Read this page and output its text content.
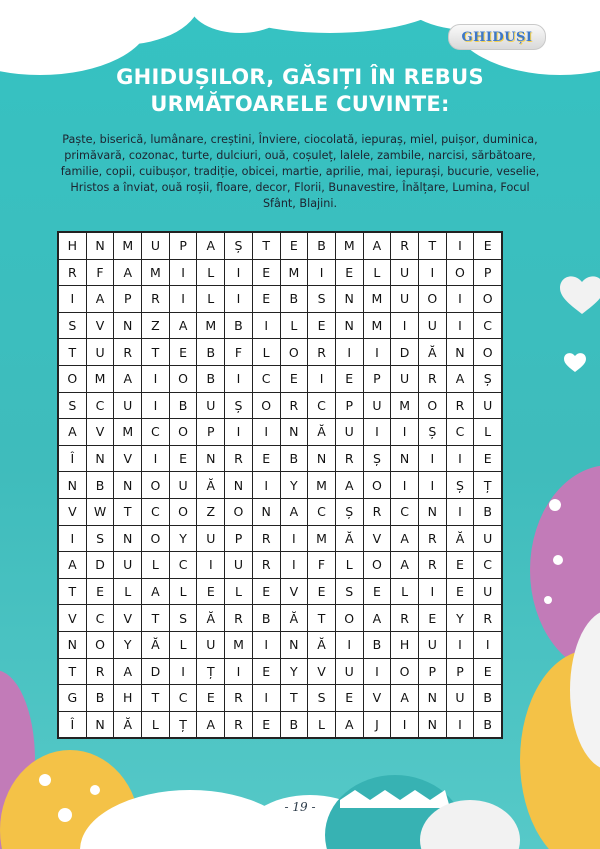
GHIDUȘI
GHIDUȘILOR, GĂSIȚI ÎN REBUS
URMĂTOARELE CUVINTE:

Paște, biserică, lumânare, creștini, Înviere, ciocolată, iepuraș, miel, puișor, duminica, primăvară, cozonac, turte, dulciuri, ouă, coșuleț, lalele, zambile, narcisi, sărbătoare, familie, copii, cuibușor, tradiție, obicei, martie, aprilie, mai, iepurași, bucurie, veselie, Hristos a înviat, ouă roșii, floare, decor, Florii, Bunavestire, Înălțare, Lumina, Focul Sfânt, Blajini.

H	N	M	U	P	A	Ș	T	E	B	M	A	R	T	I	E
R	F	A	M	I	L	I	E	M	I	E	L	U	I	O	P
I	A	P	R	I	L	I	E	B	S	N	M	U	O	I	O
S	V	N	Z	A	M	B	I	L	E	N	M	I	U	I	C
T	U	R	T	E	B	F	L	O	R	I	I	D	Ă	N	O
O	M	A	I	O	B	I	C	E	I	E	P	U	R	A	Ș
S	C	U	I	B	U	Ș	O	R	C	P	U	M	O	R	U
A	V	M	C	O	P	I	I	N	Ă	U	I	I	Ș	C	L
Î	N	V	I	E	N	R	E	B	N	R	Ș	N	I	I	E
N	B	N	O	U	Ă	N	I	Y	M	A	O	I	I	Ș	Ț
V	W	T	C	O	Z	O	N	A	C	Ș	R	C	N	I	B
I	S	N	O	Y	U	P	R	I	M	Ă	V	A	R	Ă	U
A	D	U	L	C	I	U	R	I	F	L	O	A	R	E	C
T	E	L	A	L	E	L	E	V	E	S	E	L	I	E	U
V	C	V	T	S	Ă	R	B	Ă	T	O	A	R	E	Y	R
N	O	Y	Ă	L	U	M	I	N	Ă	I	B	H	U	I	I
T	R	A	D	I	Ț	I	E	Y	V	U	I	O	P	P	E
G	B	H	T	C	E	R	I	T	S	E	V	A	N	U	B
Î	N	Ă	L	Ț	A	R	E	B	L	A	J	I	N	I	B
- 19 -
